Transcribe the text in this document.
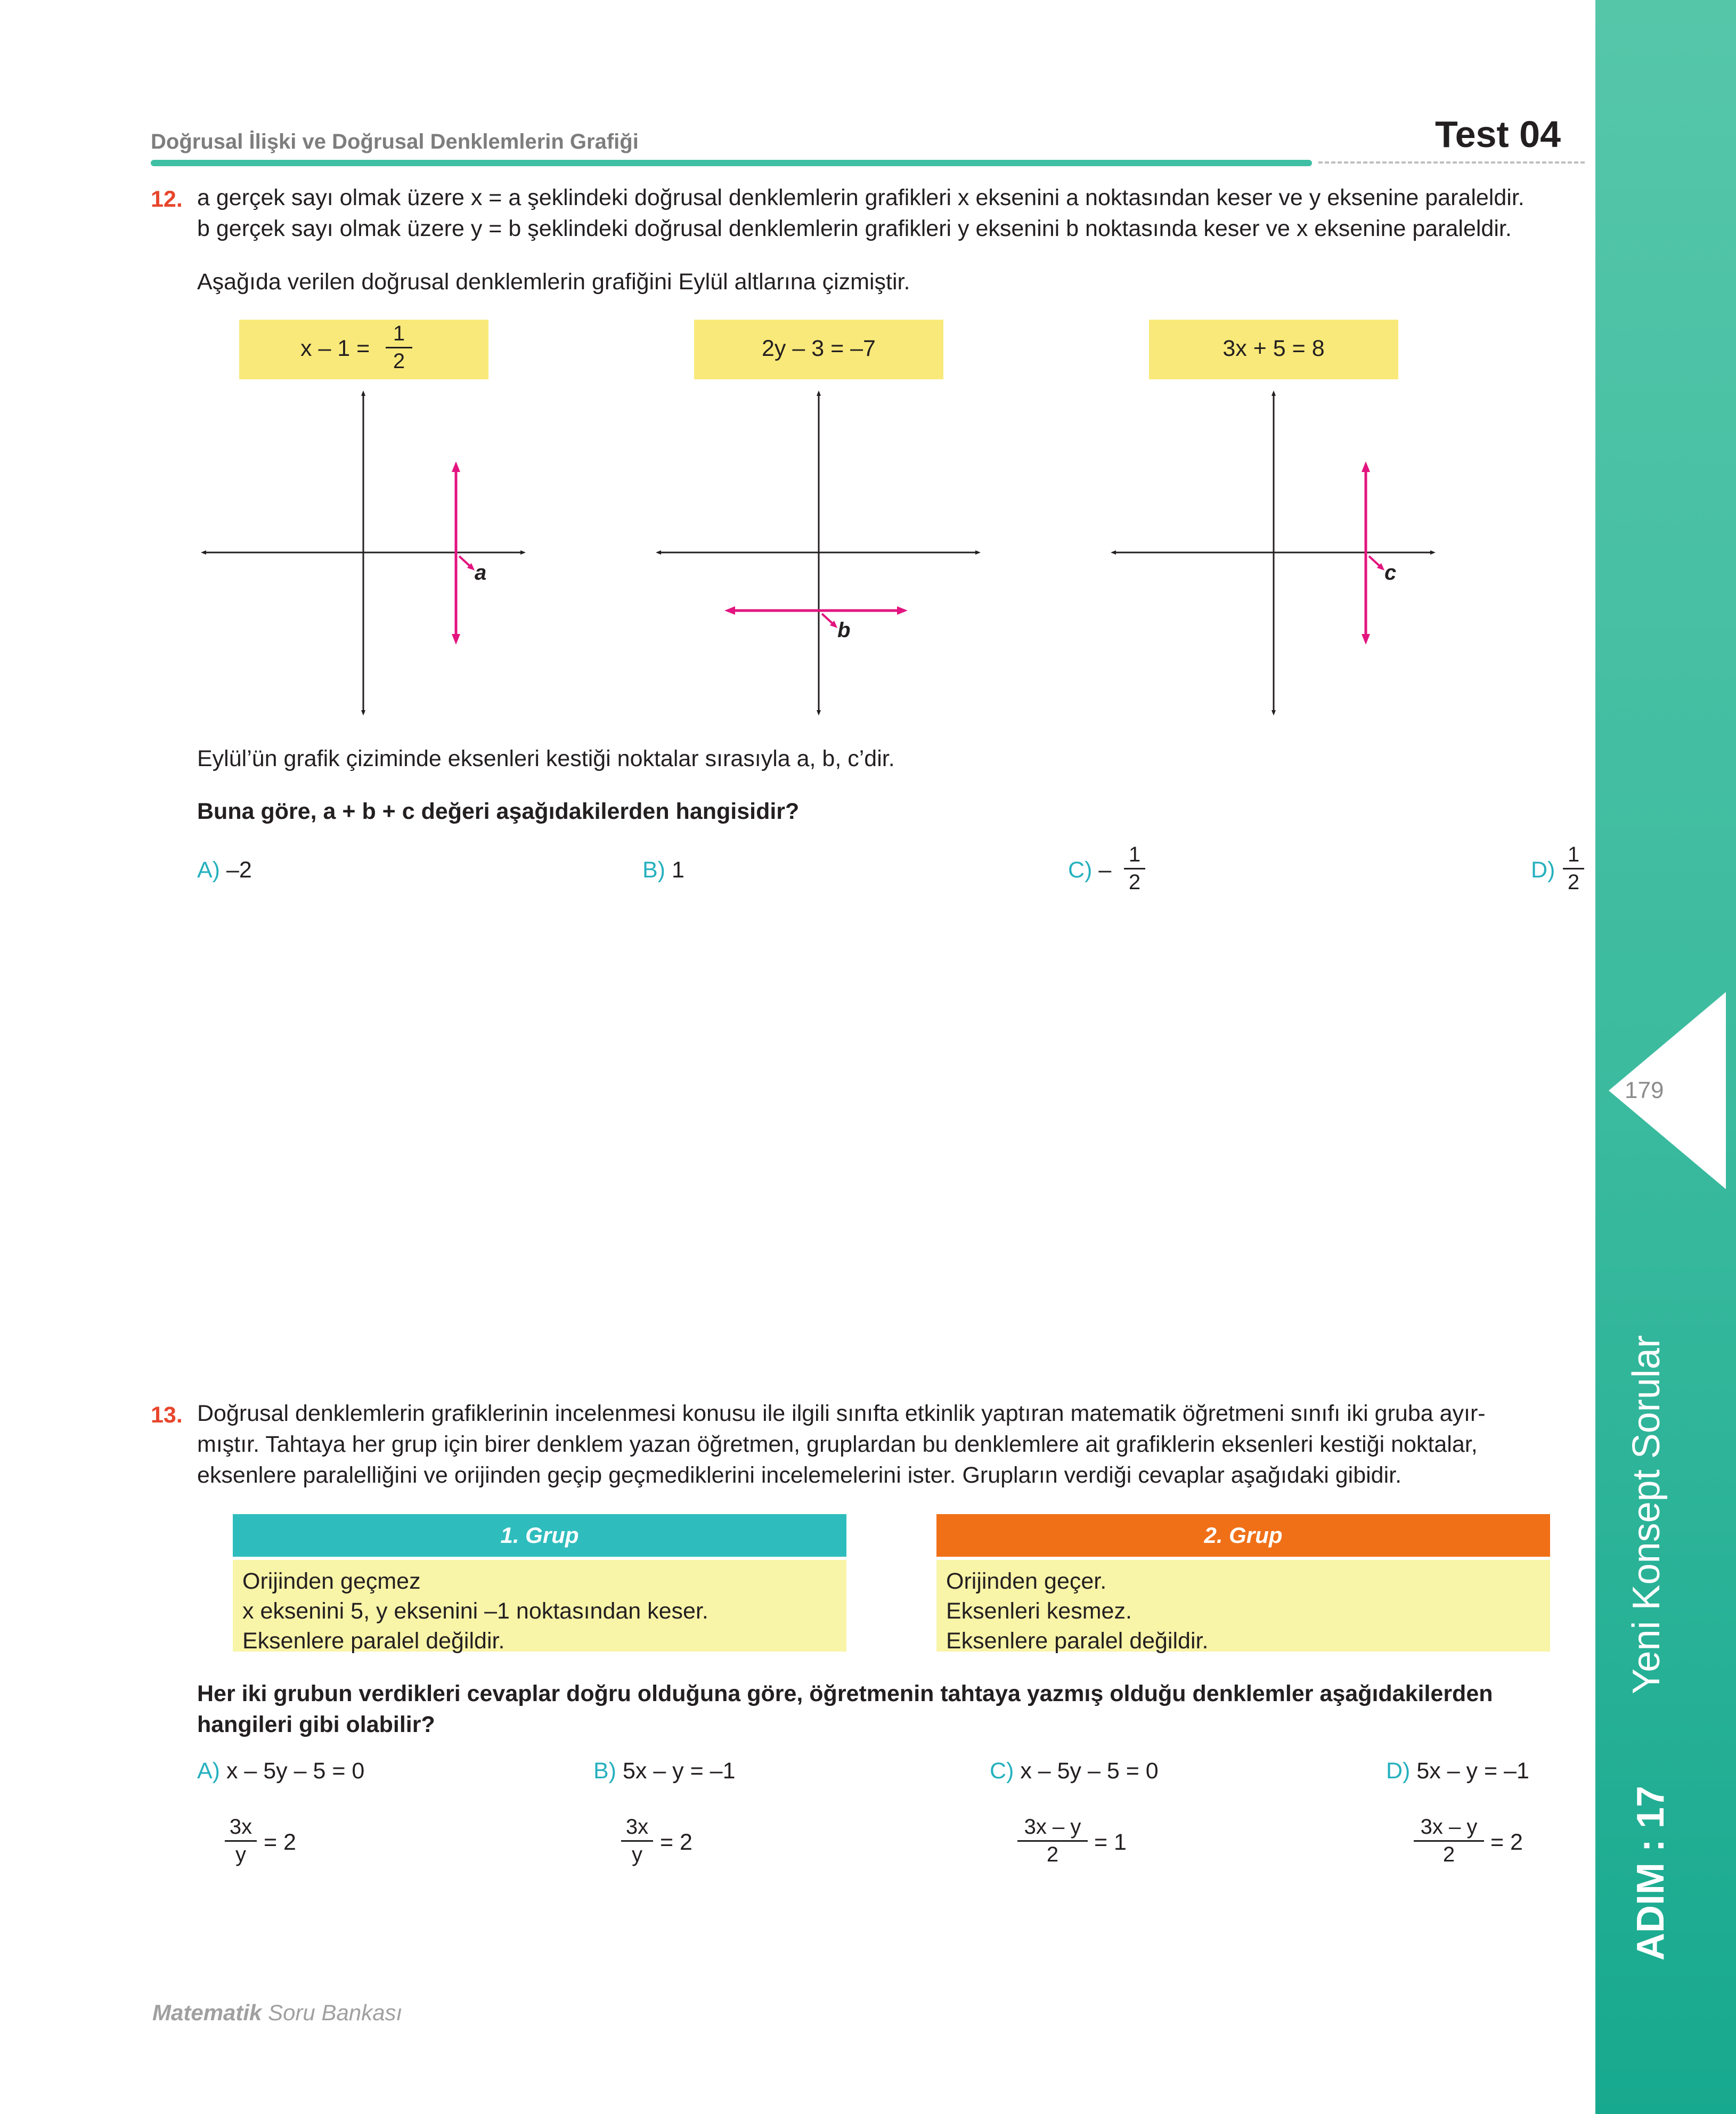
179
Yeni Konsept Sorular
ADIM : 17
Doğrusal İlişki ve Doğrusal Denklemlerin Grafiği	Test 04
12. a gerçek sayı olmak üzere x = a şeklindeki doğrusal denklemlerin grafikleri x eksenini a noktasından keser ve y eksenine paraleldir.
b gerçek sayı olmak üzere y = b şeklindeki doğrusal denklemlerin grafikleri y eksenini b noktasında keser ve x eksenine paraleldir.
Aşağıda verilen doğrusal denklemlerin grafiğini Eylül altlarına çizmiştir.
x – 1 =
1
2	2y – 3 = –7	3x + 5 = 8
a
b
c
Eylül’ün grafik çiziminde eksenleri kestiği noktalar sırasıyla a, b, c’dir.
Buna göre, a + b + c değeri aşağıdakilerden hangisidir?
A) –2	B) 1	C) –
1
2	D)
1
2
13. Doğrusal denklemlerin grafiklerinin incelenmesi konusu ile ilgili sınıfta etkinlik yaptıran matematik öğretmeni sınıfı iki gruba ayır-
mıştır. Tahtaya her grup için birer denklem yazan öğretmen, gruplardan bu denklemlere ait grafiklerin eksenleri kestiği noktalar,
eksenlere paralelliğini ve orijinden geçip geçmediklerini incelemelerini ister. Grupların verdiği cevaplar aşağıdaki gibidir.
1. Grup
Orijinden geçmez
x eksenini 5, y eksenini –1 noktasından keser.
Eksenlere paralel değildir.
2. Grup
Orijinden geçer.
Eksenleri kesmez.
Eksenlere paralel değildir.
Her iki grubun verdikleri cevaplar doğru olduğuna göre, öğretmenin tahtaya yazmış olduğu denklemler aşağıdakilerden
hangileri gibi olabilir?
A) x – 5y – 5 = 0
3x
y = 2
B) 5x – y = –1
3x
y = 2
C) x – 5y – 5 = 0
3x – y
2	= 1
D) 5x – y = –1
3x – y
2	= 2
Matematik Soru Bankası
